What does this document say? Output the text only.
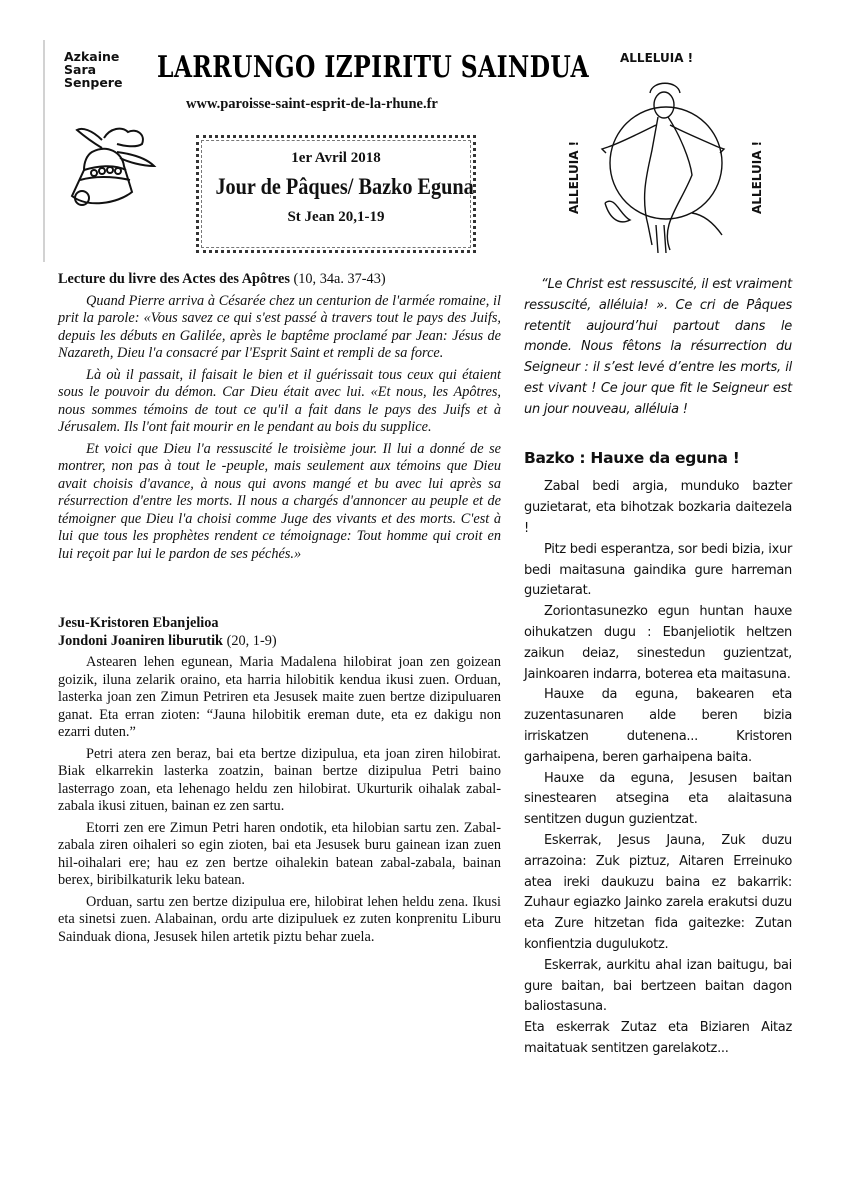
Azkaine
Sara
Senpere LARRUNGO IZPIRITU SAINDUA
www.paroisse-saint-esprit-de-la-rhune.fr
1er Avril 2018
Jour de Pâques/ Bazko Eguna
St Jean 20,1-19
ALLELUIA !
ALLELUIA !	ALLELUIA !
Lecture du livre des Actes des Apôtres (10, 34a. 37-43)

Quand Pierre arriva à Césarée chez un centurion de l'armée romaine, il prit la parole: «Vous savez ce qui s'est passé à travers tout le pays des Juifs, depuis les débuts en Galilée, après le baptême proclamé par Jean: Jésus de Nazareth, Dieu l'a consacré par l'Esprit Saint et rempli de sa force.

Là où il passait, il faisait le bien et il guérissait tous ceux qui étaient sous le pouvoir du démon. Car Dieu était avec lui. «Et nous, les Apôtres, nous sommes témoins de tout ce qu'il a fait dans le pays des Juifs et à Jérusalem. Ils l'ont fait mourir en le pendant au bois du supplice.

Et voici que Dieu l'a ressuscité le troisième jour. Il lui a donné de se montrer, non pas à tout le -peuple, mais seulement aux témoins que Dieu avait choisis d'avance, à nous qui avons mangé et bu avec lui après sa résurrection d'entre les morts. Il nous a chargés d'annoncer au peuple et de témoigner que Dieu l'a choisi comme Juge des vivants et des morts. C'est à lui que tous les prophètes rendent ce témoignage: Tout homme qui croit en lui reçoit par lui le pardon de ses péchés.»

Jesu-Kristoren Ebanjelioa
Jondoni Joaniren liburutik (20, 1-9)

Astearen lehen egunean, Maria Madalena hilobirat joan zen goizean goizik, iluna zelarik oraino, eta harria hilobitik kendua ikusi zuen. Orduan, lasterka joan zen Zimun Petriren eta Jesusek maite zuen bertze dizipuluaren ganat. Eta erran zioten: “Jauna hilobitik ereman dute, eta ez dakigu non ezarri duten.”

Petri atera zen beraz, bai eta bertze dizipulua, eta joan ziren hilobirat. Biak elkarrekin lasterka zoatzin, bainan bertze dizipulua Petri baino lasterrago zoan, eta lehenago heldu zen hilobirat. Ukurturik oihalak zabal-zabala ikusi zituen, bainan ez zen sartu.

Etorri zen ere Zimun Petri haren ondotik, eta hilobian sartu zen. Zabal-zabala ziren oihaleri so egin zioten, bai eta Jesusek buru gainean izan zuen hil-oihalari ere; hau ez zen bertze oihalekin batean zabal-zabala, bainan berex, biribilkaturik leku batean.

Orduan, sartu zen bertze dizipulua ere, hilobirat lehen heldu zena. Ikusi eta sinetsi zuen. Alabainan, ordu arte dizipuluek ez zuten konprenitu Liburu Sainduak diona, Jesusek hilen artetik piztu behar zuela.

“Le Christ est ressuscité, il est vraiment ressuscité, alléluia! ». Ce cri de Pâques retentit aujourd’hui partout dans le monde. Nous fêtons la résurrection du Seigneur : il s’est levé d’entre les morts, il est vivant ! Ce jour que fit le Seigneur est un jour nouveau, alléluia !

Bazko : Hauxe da eguna !

Zabal bedi argia, munduko bazter guzietarat, eta bihotzak bozkaria daitezela !

Pitz bedi esperantza, sor bedi bizia, ixur bedi maitasuna gaindika gure harreman guzietarat.

Zoriontasunezko egun huntan hauxe oihukatzen dugu : Ebanjeliotik heltzen zaikun deiaz, sinestedun guzientzat, Jainkoaren indarra, boterea eta maitasuna.

Hauxe da eguna, bakearen eta zuzentasunaren alde beren bizia irriskatzen dutenena... Kristoren garhaipena, beren garhaipena baita.

Hauxe da eguna, Jesusen baitan sinestearen atsegina eta alaitasuna sentitzen dugun guzientzat.

Eskerrak, Jesus Jauna, Zuk duzu arrazoina: Zuk piztuz, Aitaren Erreinuko atea ireki daukuzu baina ez bakarrik: Zuhaur egiazko Jainko zarela erakutsi duzu eta Zure hitzetan fida gaitezke: Zutan konfientzia dugulukotz.

Eskerrak, aurkitu ahal izan baitugu, bai gure baitan, bai bertzeen baitan dagon baliostasuna.

Eta eskerrak Zutaz eta Biziaren Aitaz maitatuak sentitzen garelakotz...
